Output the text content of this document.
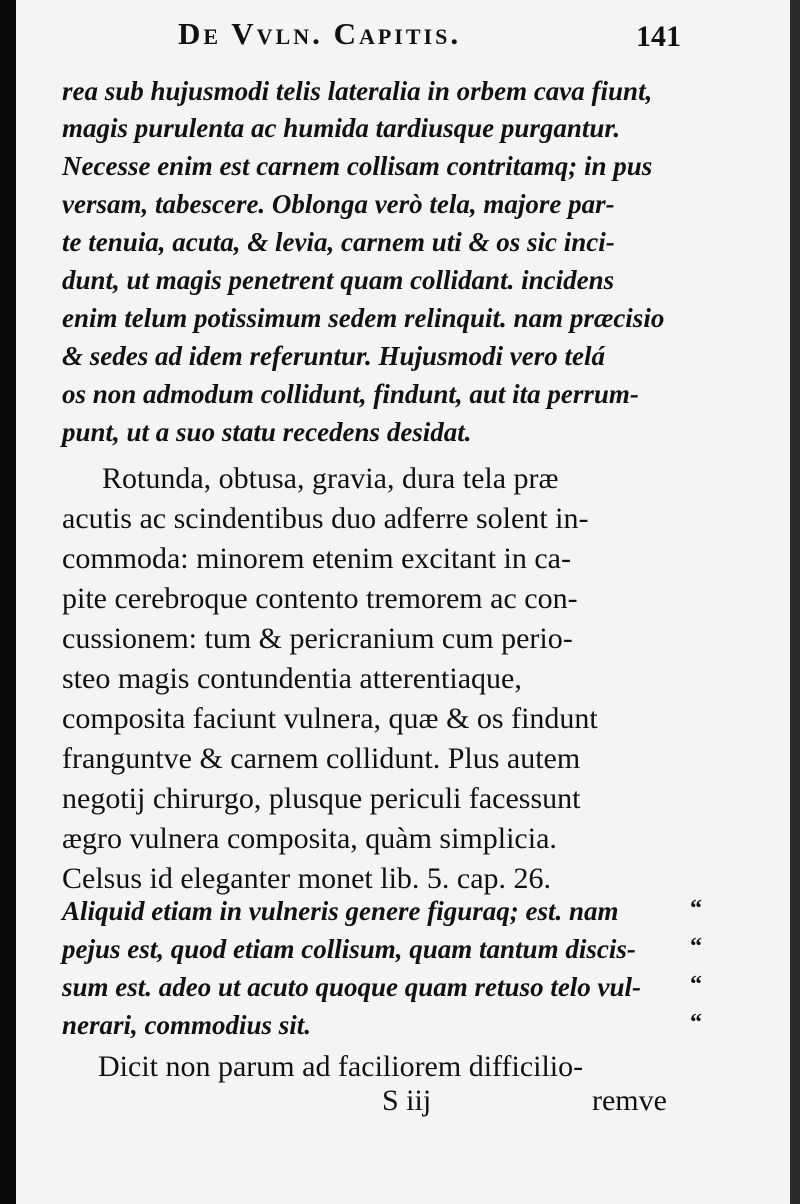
De Vvln. Capitis.	141
rea sub hujusmodi telis lateralia in orbem cava fiunt,
magis purulenta ac humida tardiusque purgantur.
Necesse enim est carnem collisam contritamq; in pus
versam, tabescere. Oblonga verò tela, majore par-
te tenuia, acuta, & levia, carnem uti & os sic inci-
dunt, ut magis penetrent quam collidant. incidens
enim telum potissimum sedem relinquit. nam præcisio
& sedes ad idem referuntur. Hujusmodi vero telá
os non admodum collidunt, findunt, aut ita perrum-
punt, ut a suo statu recedens desidat.
Rotunda, obtusa, gravia, dura tela præ
acutis ac scindentibus duo adferre solent in-
commoda: minorem etenim excitant in ca-
pite cerebroque contento tremorem ac con-
cussionem: tum & pericranium cum perio-
steo magis contundentia atterentiaque,
composita faciunt vulnera, quæ & os findunt
franguntve & carnem collidunt. Plus autem
negotij chirurgo, plusque periculi facessunt
ægro vulnera composita, quàm simplicia.
Celsus id eleganter monet lib. 5. cap. 26.
Aliquid etiam in vulneris genere figuraq; est. nam
pejus est, quod etiam collisum, quam tantum discis-
sum est. adeo ut acuto quoque quam retuso telo vul-
nerari, commodius sit.
“
“
“
“
Dicit non parum ad faciliorem difficilio-
S iij	remve
